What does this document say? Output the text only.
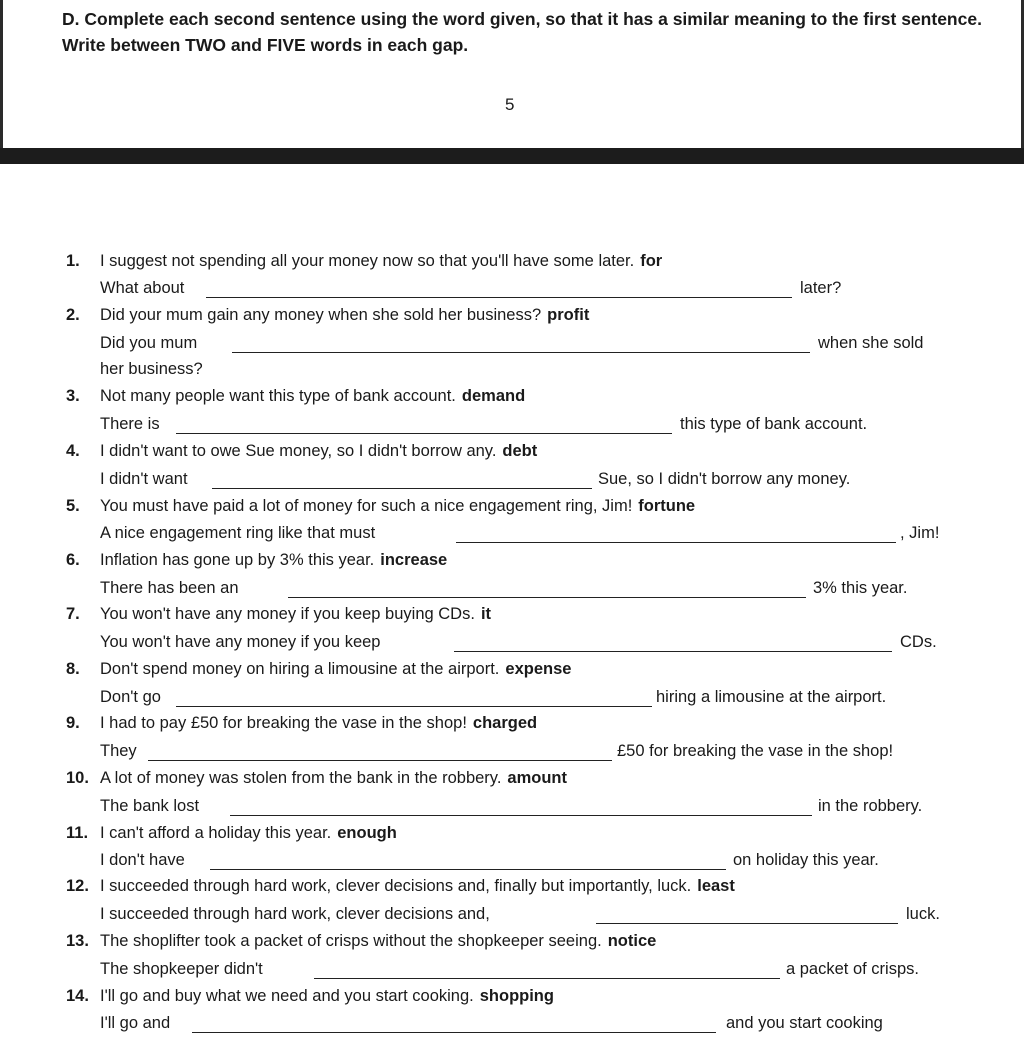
D. Complete each second sentence using the word given, so that it has a similar meaning to the first sentence. Write between TWO and FIVE words in each gap.
5
1. I suggest not spending all your money now so that you'll have some later. for
What about	later?
2. Did your mum gain any money when she sold her business? profit
Did you mum	when she sold
her business?
3. Not many people want this type of bank account. demand
There is	this type of bank account.
4. I didn't want to owe Sue money, so I didn't borrow any. debt
I didn't want	Sue, so I didn't borrow any money.
5. You must have paid a lot of money for such a nice engagement ring, Jim! fortune
A nice engagement ring like that must	, Jim!
6. Inflation has gone up by 3% this year. increase
There has been an	3% this year.
7. You won't have any money if you keep buying CDs. it
You won't have any money if you keep	CDs.
8. Don't spend money on hiring a limousine at the airport. expense
Don't go	hiring a limousine at the airport.
9. I had to pay £50 for breaking the vase in the shop! charged
They	£50 for breaking the vase in the shop!
10. A lot of money was stolen from the bank in the robbery. amount
The bank lost	in the robbery.
11. I can't afford a holiday this year. enough
I don't have	on holiday this year.
12. I succeeded through hard work, clever decisions and, finally but importantly, luck. least
I succeeded through hard work, clever decisions and,	luck.
13. The shoplifter took a packet of crisps without the shopkeeper seeing. notice
The shopkeeper didn't	a packet of crisps.
14. I'll go and buy what we need and you start cooking. shopping
I'll go and	and you start cooking
